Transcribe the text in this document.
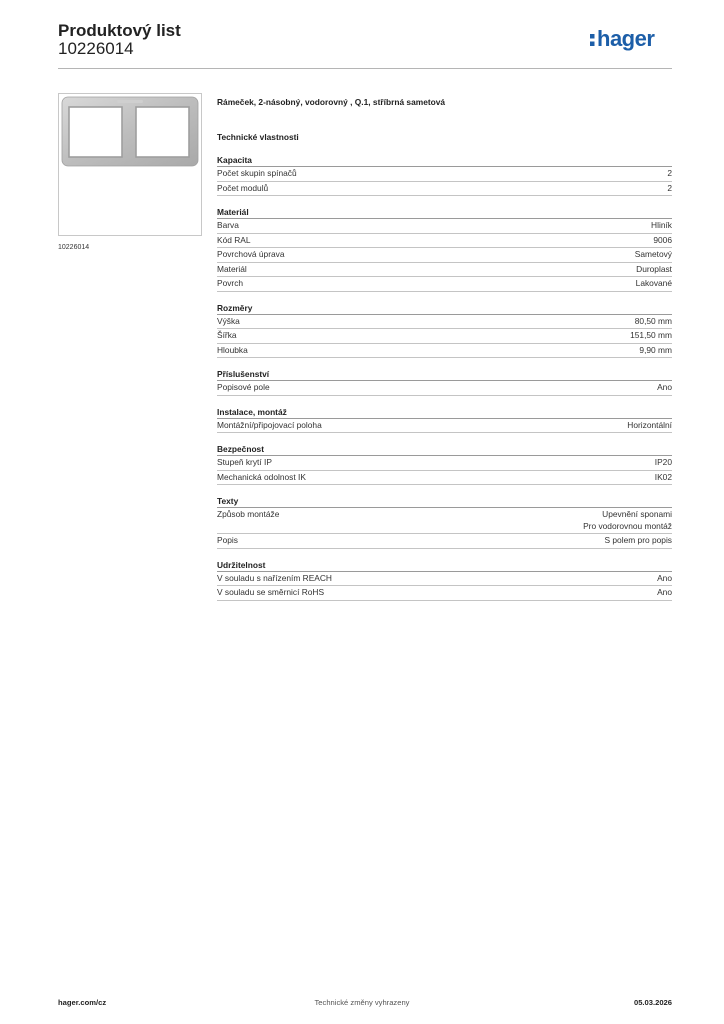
Produktový list
10226014	hager
10226014
Rámeček, 2-násobný, vodorovný , Q.1, stříbrná sametová
Technické vlastnosti
Kapacita
Počet skupin spínačů	2
Počet modulů	2
Materiál
Barva	Hliník
Kód RAL	9006
Povrchová úprava	Sametový
Materiál	Duroplast
Povrch	Lakované
Rozměry
Výška	80,50 mm
Šířka	151,50 mm
Hloubka	9,90 mm
Příslušenství
Popisové pole	Ano
Instalace, montáž
Montážní/připojovací poloha	Horizontální
Bezpečnost
Stupeň krytí IP	IP20
Mechanická odolnost IK	IK02
Texty
Způsob montáže	Upevnění sponami
Pro vodorovnou montáž
Popis	S polem pro popis
Udržitelnost
V souladu s nařízením REACH	Ano
V souladu se směrnicí RoHS	Ano
hager.com/cz	Technické změny vyhrazeny	05.03.2026
